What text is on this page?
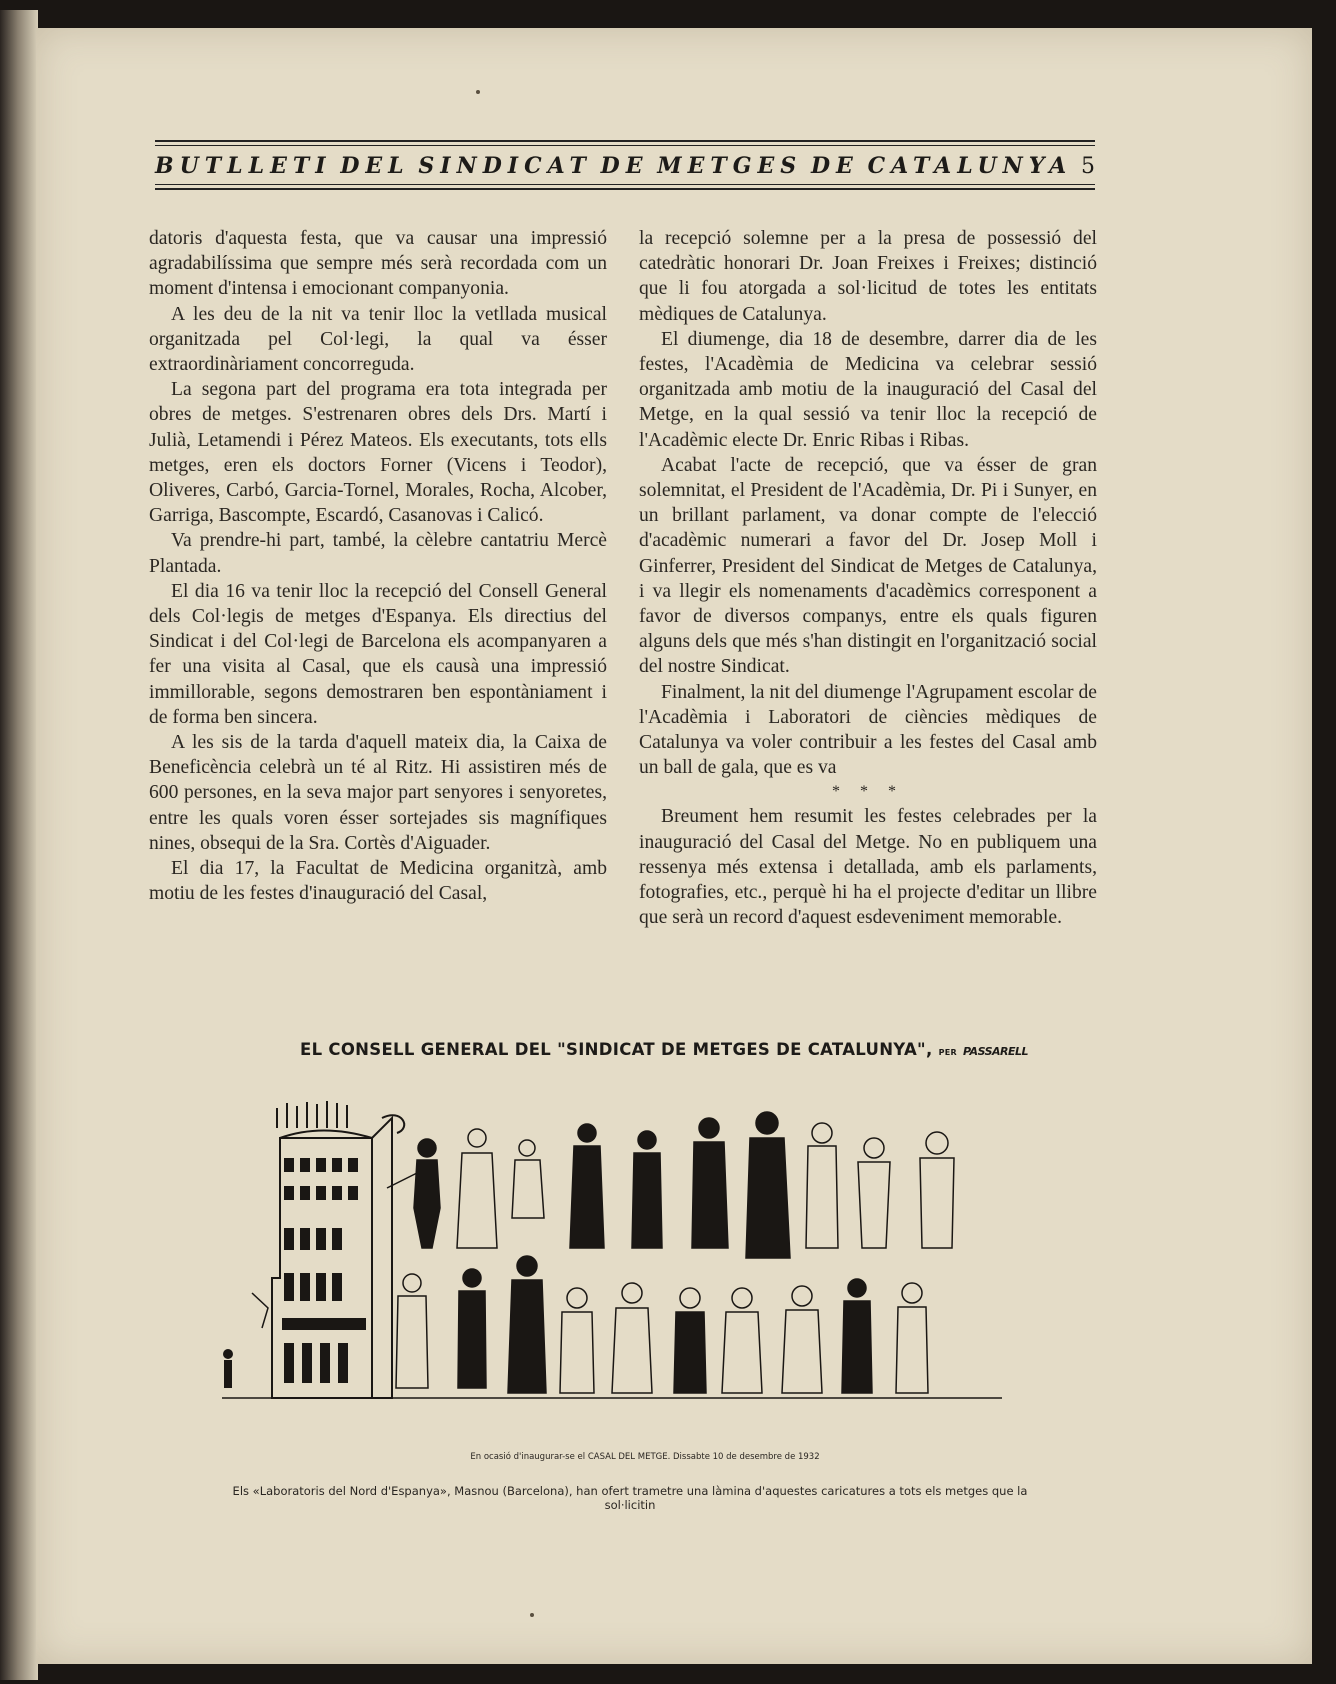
BUTLLETI DEL SINDICAT DE METGES DE CATALUNYA 5

datoris d'aquesta festa, que va causar una impressió agradabilíssima que sempre més serà recordada com un moment d'intensa i emocionant companyonia.

A les deu de la nit va tenir lloc la vetllada musical organitzada pel Col·legi, la qual va ésser extraordinàriament concorreguda.

La segona part del programa era tota integrada per obres de metges. S'estrenaren obres dels Drs. Martí i Julià, Letamendi i Pérez Mateos. Els executants, tots ells metges, eren els doctors Forner (Vicens i Teodor), Oliveres, Carbó, Garcia-Tornel, Morales, Rocha, Alcober, Garriga, Bascompte, Escardó, Casanovas i Calicó.

Va prendre-hi part, també, la cèlebre cantatriu Mercè Plantada.

El dia 16 va tenir lloc la recepció del Consell General dels Col·legis de metges d'Espanya. Els directius del Sindicat i del Col·legi de Barcelona els acompanyaren a fer una visita al Casal, que els causà una impressió immillorable, segons demostraren ben espontàniament i de forma ben sincera.

A les sis de la tarda d'aquell mateix dia, la Caixa de Beneficència celebrà un té al Ritz. Hi assistiren més de 600 persones, en la seva major part senyores i senyoretes, entre les quals voren ésser sortejades sis magnífiques nines, obsequi de la Sra. Cortès d'Aiguader.

El dia 17, la Facultat de Medicina organitzà, amb motiu de les festes d'inauguració del Casal,

la recepció solemne per a la presa de possessió del catedràtic honorari Dr. Joan Freixes i Freixes; distinció que li fou atorgada a sol·licitud de totes les entitats mèdiques de Catalunya.

El diumenge, dia 18 de desembre, darrer dia de les festes, l'Acadèmia de Medicina va celebrar sessió organitzada amb motiu de la inauguració del Casal del Metge, en la qual sessió va tenir lloc la recepció de l'Acadèmic electe Dr. Enric Ribas i Ribas.

Acabat l'acte de recepció, que va ésser de gran solemnitat, el President de l'Acadèmia, Dr. Pi i Sunyer, en un brillant parlament, va donar compte de l'elecció d'acadèmic numerari a favor del Dr. Josep Moll i Ginferrer, President del Sindicat de Metges de Catalunya, i va llegir els nomenaments d'acadèmics corresponent a favor de diversos companys, entre els quals figuren alguns dels que més s'han distingit en l'organització social del nostre Sindicat.

Finalment, la nit del diumenge l'Agrupament escolar de l'Acadèmia i Laboratori de ciències mèdiques de Catalunya va voler contribuir a les festes del Casal amb un ball de gala, que es va

* * *

Breument hem resumit les festes celebrades per la inauguració del Casal del Metge. No en publiquem una ressenya més extensa i detallada, amb els parlaments, fotografies, etc., perquè hi ha el projecte d'editar un llibre que serà un record d'aquest esdeveniment memorable.

EL CONSELL GENERAL DEL "SINDICAT DE METGES DE CATALUNYA", PER PASSARELL
En ocasió d'inaugurar-se el CASAL DEL METGE. Dissabte 10 de desembre de 1932
Els «Laboratoris del Nord d'Espanya», Masnou (Barcelona), han ofert trametre una làmina d'aquestes caricatures a tots els metges que la sol·licitin
